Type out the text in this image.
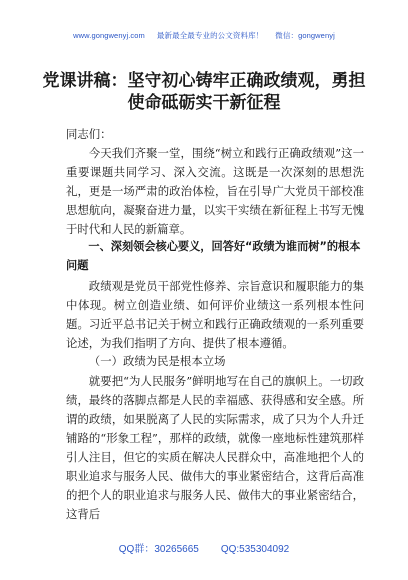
www.gongwenyj.com 最新最全最专业的公文资料库！ 微信：gongwenyj
党课讲稿：坚守初心铸牢正确政绩观，勇担使命砥砺实干新征程
同志们：
今天我们齐聚一堂，围绕“树立和践行正确政绩观”这一重要课题共同学习、深入交流。这既是一次深刻的思想洗礼，更是一场严肃的政治体检，旨在引导广大党员干部校准思想航向，凝聚奋进力量，以实干实绩在新征程上书写无愧于时代和人民的新篇章。
一、深刻领会核心要义，回答好“政绩为谁而树”的根本问题
政绩观是党员干部党性修养、宗旨意识和履职能力的集中体现。树立创造业绩、如何评价业绩这一系列根本性问题。习近平总书记关于树立和践行正确政绩观的一系列重要论述，为我们指明了方向、提供了根本遵循。
（一）政绩为民是根本立场
就要把“为人民服务”鲜明地写在自己的旗帜上。一切政绩，最终的落脚点都是人民的幸福感、获得感和安全感。所谓的政绩，如果脱离了人民的实际需求，成了只为个人升迁铺路的“形象工程”，那样的政绩，就像一座地标性建筑那样引人注目，但它的实质在解决人民群众中，高准地把个人的职业追求与服务人民、做伟大的事业紧密结合，这背后高准的把个人的职业追求与服务人民、做伟大的事业紧密结合，这背后
QQ群：30265665 QQ:535304092
